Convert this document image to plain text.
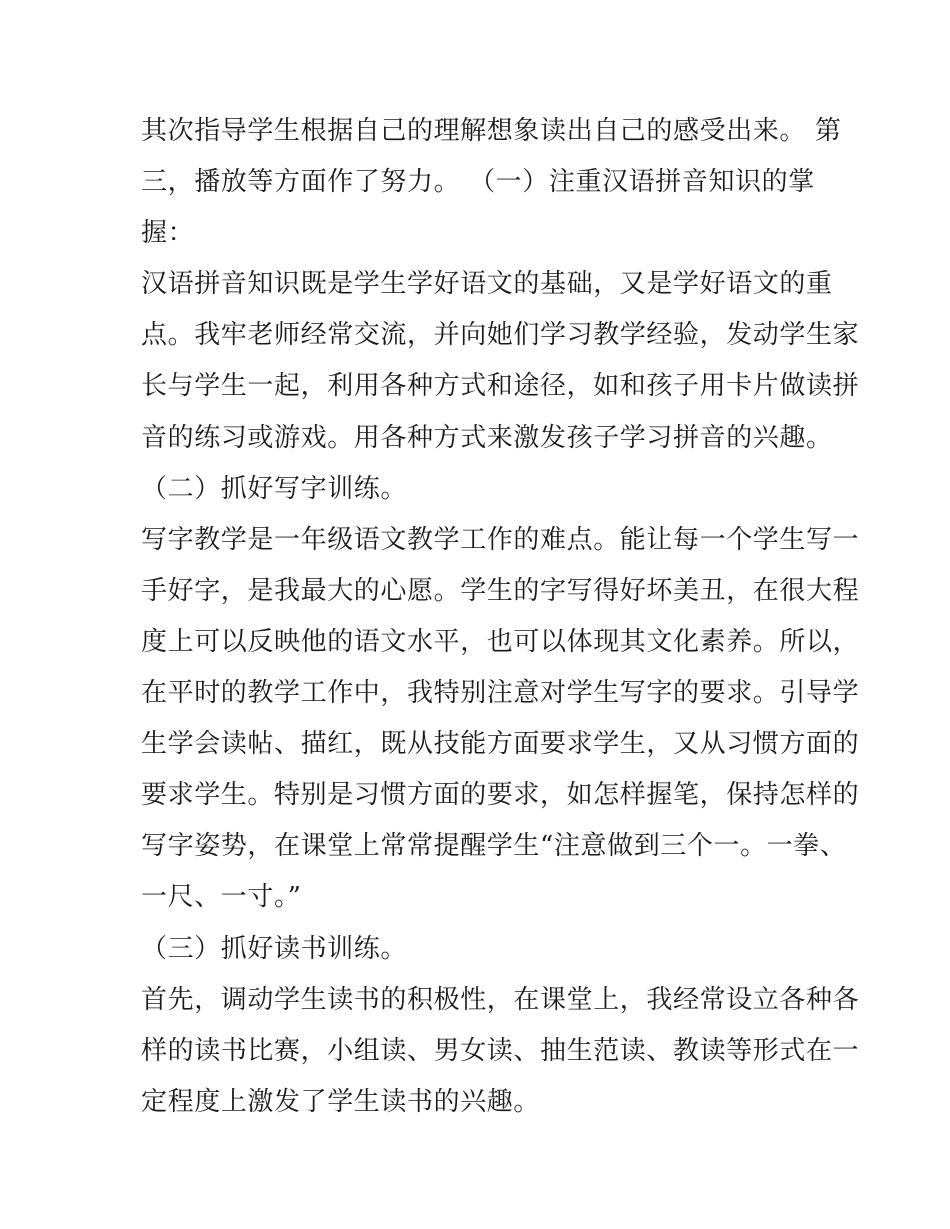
其次指导学生根据自己的理解想象读出自己的感受出来。 第
三，播放等方面作了努力。 （一）注重汉语拼音知识的掌
握：
汉语拼音知识既是学生学好语文的基础，又是学好语文的重
点。我牢老师经常交流，并向她们学习教学经验，发动学生家
长与学生一起，利用各种方式和途径，如和孩子用卡片做读拼
音的练习或游戏。用各种方式来激发孩子学习拼音的兴趣。
（二）抓好写字训练。
写字教学是一年级语文教学工作的难点。能让每一个学生写一
手好字，是我最大的心愿。学生的字写得好坏美丑，在很大程
度上可以反映他的语文水平，也可以体现其文化素养。所以，
在平时的教学工作中，我特别注意对学生写字的要求。引导学
生学会读帖、描红，既从技能方面要求学生，又从习惯方面的
要求学生。特别是习惯方面的要求，如怎样握笔，保持怎样的
写字姿势，在课堂上常常提醒学生“注意做到三个一。一拳、
一尺、一寸。”
（三）抓好读书训练。
首先，调动学生读书的积极性，在课堂上，我经常设立各种各
样的读书比赛，小组读、男女读、抽生范读、教读等形式在一
定程度上激发了学生读书的兴趣。
